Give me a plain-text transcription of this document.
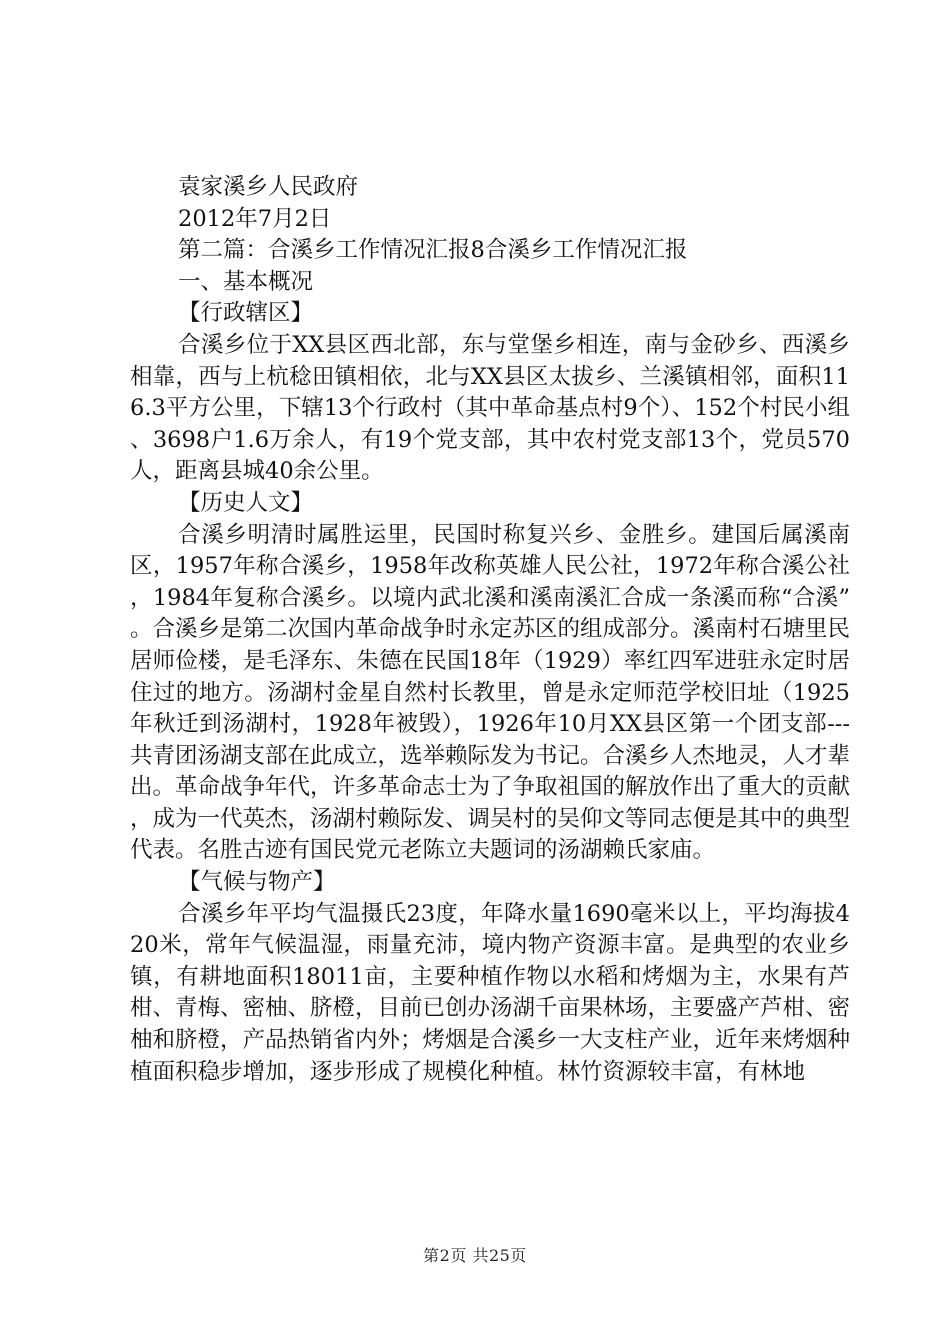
袁家溪乡人民政府
2012年7月2日
第二篇：合溪乡工作情况汇报8合溪乡工作情况汇报
一、基本概况
【行政辖区】
合溪乡位于XX县区西北部，东与堂堡乡相连，南与金砂乡、西溪乡相靠，西与上杭稔田镇相依，北与XX县区太拔乡、兰溪镇相邻，面积116.3平方公里，下辖13个行政村（其中革命基点村9个）、152个村民小组、3698户1.6万余人，有19个党支部，其中农村党支部13个，党员570人，距离县城40余公里。
【历史人文】
合溪乡明清时属胜运里，民国时称复兴乡、金胜乡。建国后属溪南区，1957年称合溪乡，1958年改称英雄人民公社，1972年称合溪公社，1984年复称合溪乡。以境内武北溪和溪南溪汇合成一条溪而称“合溪”。合溪乡是第二次国内革命战争时永定苏区的组成部分。溪南村石塘里民居师俭楼，是毛泽东、朱德在民国18年（1929）率红四军进驻永定时居住过的地方。汤湖村金星自然村长教里，曾是永定师范学校旧址（1925年秋迁到汤湖村，1928年被毁），1926年10月XX县区第一个团支部---共青团汤湖支部在此成立，选举赖际发为书记。合溪乡人杰地灵，人才辈出。革命战争年代，许多革命志士为了争取祖国的解放作出了重大的贡献，成为一代英杰，汤湖村赖际发、调吴村的吴仰文等同志便是其中的典型代表。名胜古迹有国民党元老陈立夫题词的汤湖赖氏家庙。
【气候与物产】
合溪乡年平均气温摄氏23度，年降水量1690毫米以上，平均海拔420米，常年气候温湿，雨量充沛，境内物产资源丰富。是典型的农业乡镇，有耕地面积18011亩，主要种植作物以水稻和烤烟为主，水果有芦柑、青梅、密柚、脐橙，目前已创办汤湖千亩果林场，主要盛产芦柑、密柚和脐橙，产品热销省内外；烤烟是合溪乡一大支柱产业，近年来烤烟种植面积稳步增加，逐步形成了规模化种植。林竹资源较丰富，有林地
第2页 共25页
